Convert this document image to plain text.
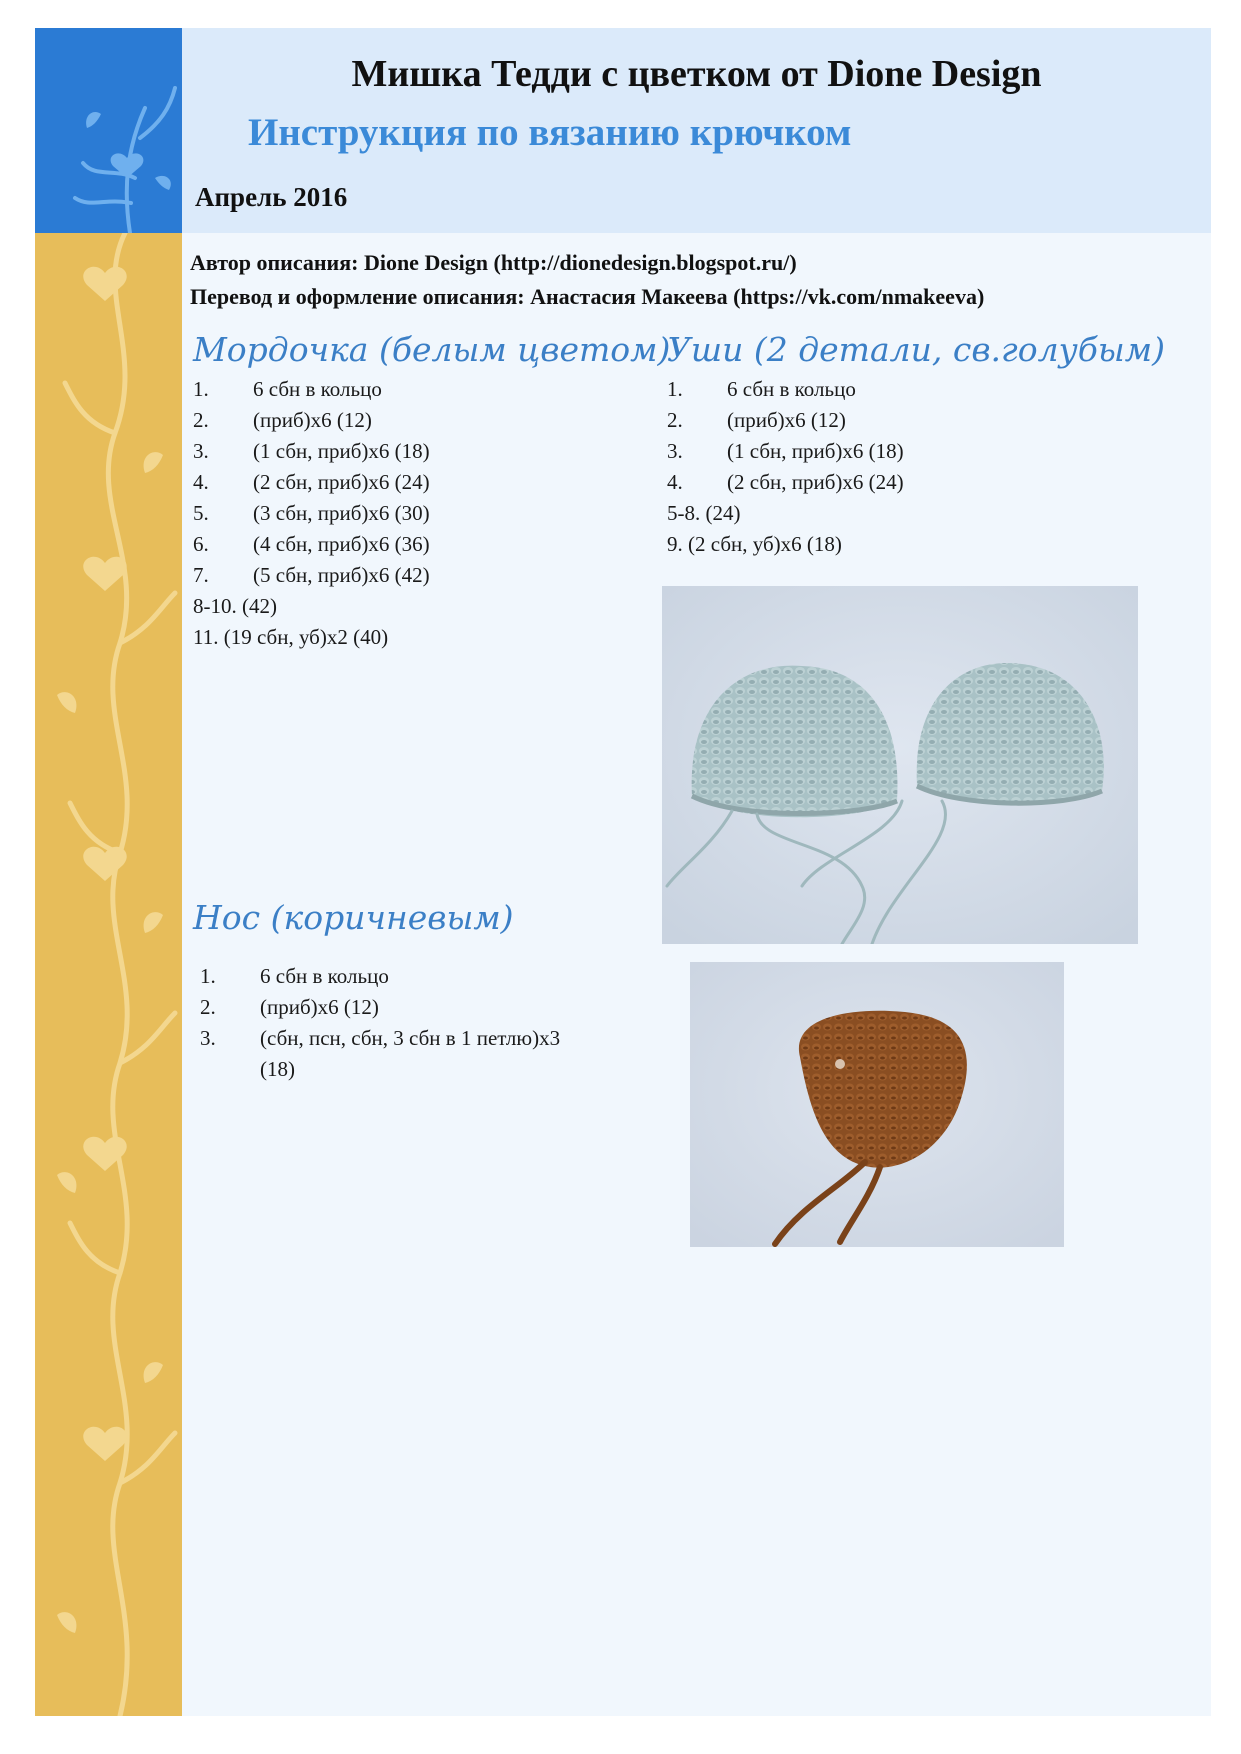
Мишка Тедди с цветком от Dione Design
Инструкция по вязанию крючком
Апрель 2016
Автор описания: Dione Design (http://dionedesign.blogspot.ru/)
Перевод и оформление описания: Анастасия Макеева (https://vk.com/nmakeeva)
Мордочка (белым цветом)
1. 6 сбн в кольцо
2. (приб)х6 (12)
3. (1 сбн, приб)х6 (18)
4. (2 сбн, приб)х6 (24)
5. (3 сбн, приб)х6 (30)
6. (4 сбн, приб)х6 (36)
7. (5 сбн, приб)х6 (42)
8-10. (42)
11. (19 сбн, уб)х2 (40)
Уши (2 детали, св.голубым)
1. 6 сбн в кольцо
2. (приб)х6 (12)
3. (1 сбн, приб)х6 (18)
4. (2 сбн, приб)х6 (24)
5-8. (24)
9. (2 сбн, уб)х6 (18)
Нос (коричневым)
1. 6 сбн в кольцо
2. (приб)х6 (12)
3. (сбн, псн, сбн, 3 сбн в 1 петлю)х3
(18)
